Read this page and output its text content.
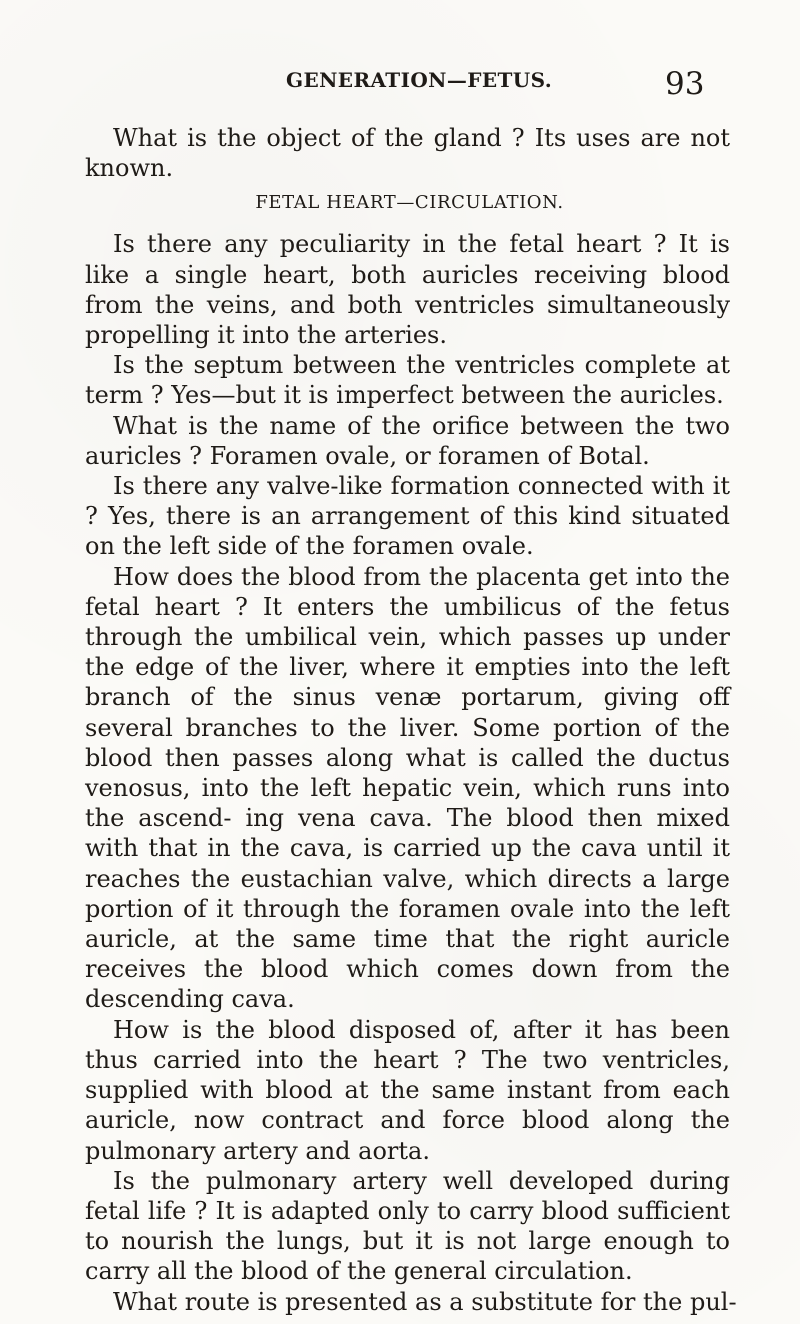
GENERATION—FETUS.	93

What is the object of the gland ? Its uses are not known.

FETAL HEART—CIRCULATION.

Is there any peculiarity in the fetal heart ? It is like a single heart, both auricles receiving blood from the veins, and both ventricles simultaneously propelling it into the arteries.

Is the septum between the ventricles complete at term ? Yes—but it is imperfect between the auricles.

What is the name of the orifice between the two auricles ? Foramen ovale, or foramen of Botal.

Is there any valve-like formation connected with it ? Yes, there is an arrangement of this kind situated on the left side of the foramen ovale.

How does the blood from the placenta get into the fetal heart ? It enters the umbilicus of the fetus through the umbilical vein, which passes up under the edge of the liver, where it empties into the left branch of the sinus venæ portarum, giving off several branches to the liver. Some portion of the blood then passes along what is called the ductus venosus, into the left hepatic vein, which runs into the ascend- ing vena cava. The blood then mixed with that in the cava, is carried up the cava until it reaches the eustachian valve, which directs a large portion of it through the foramen ovale into the left auricle, at the same time that the right auricle receives the blood which comes down from the descending cava.

How is the blood disposed of, after it has been thus carried into the heart ? The two ventricles, supplied with blood at the same instant from each auricle, now contract and force blood along the pulmonary artery and aorta.

Is the pulmonary artery well developed during fetal life ? It is adapted only to carry blood sufficient to nourish the lungs, but it is not large enough to carry all the blood of the general circulation.

What route is presented as a substitute for the pul-
